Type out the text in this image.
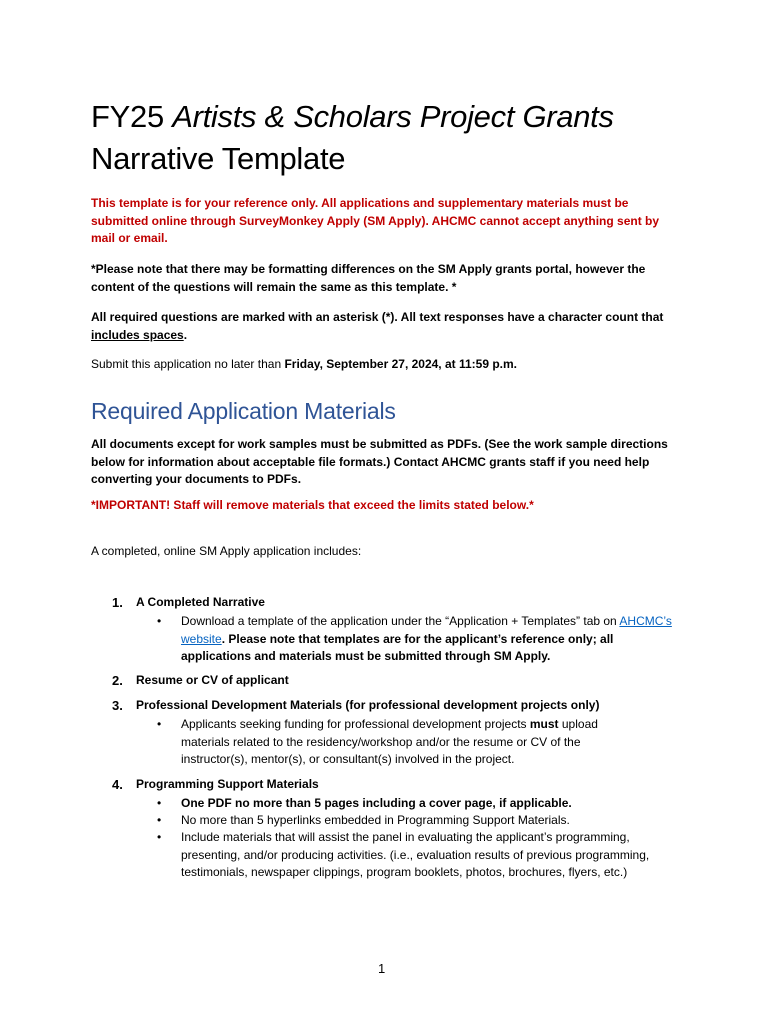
FY25 Artists & Scholars Project Grants
Narrative Template

This template is for your reference only. All applications and supplementary materials must be submitted online through SurveyMonkey Apply (SM Apply). AHCMC cannot accept anything sent by mail or email.

*Please note that there may be formatting differences on the SM Apply grants portal, however the content of the questions will remain the same as this template. *

All required questions are marked with an asterisk (*). All text responses have a character count that includes spaces.

Submit this application no later than Friday, September 27, 2024, at 11:59 p.m.

Required Application Materials

All documents except for work samples must be submitted as PDFs. (See the work sample directions below for information about acceptable file formats.) Contact AHCMC grants staff if you need help converting your documents to PDFs.

*IMPORTANT! Staff will remove materials that exceed the limits stated below.*

A completed, online SM Apply application includes:

1. A Completed Narrative
• Download a template of the application under the “Application + Templates” tab on AHCMC’s website. Please note that templates are for the applicant’s reference only; all applications and materials must be submitted through SM Apply.
2. Resume or CV of applicant
3. Professional Development Materials (for professional development projects only)
• Applicants seeking funding for professional development projects must upload materials related to the residency/workshop and/or the resume or CV of the instructor(s), mentor(s), or consultant(s) involved in the project.
4. Programming Support Materials
• One PDF no more than 5 pages including a cover page, if applicable.
• No more than 5 hyperlinks embedded in Programming Support Materials.
• Include materials that will assist the panel in evaluating the applicant’s programming, presenting, and/or producing activities. (i.e., evaluation results of previous programming, testimonials, newspaper clippings, program booklets, photos, brochures, flyers, etc.)
1
